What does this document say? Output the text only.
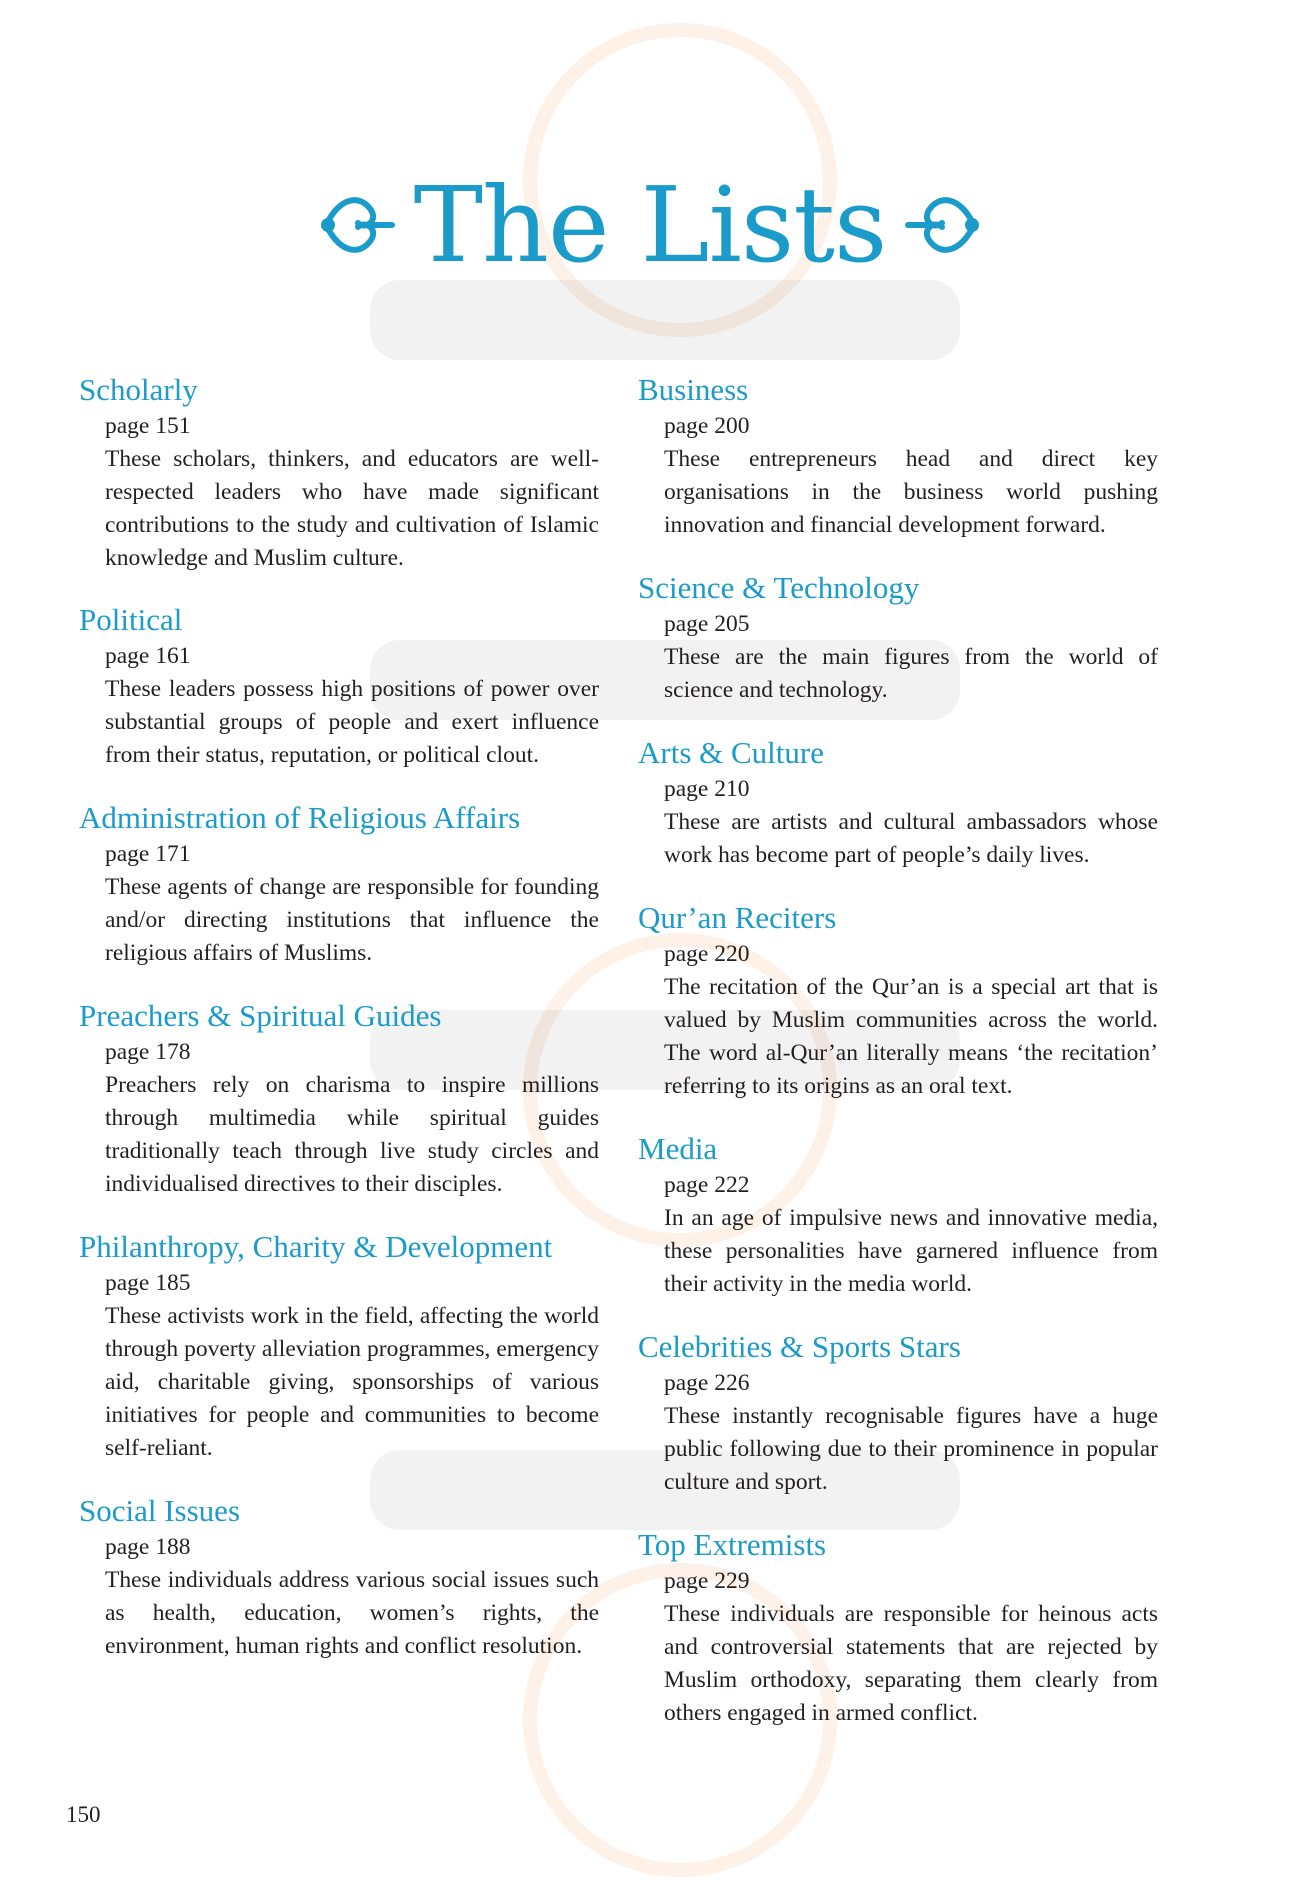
The Lists
Scholarly

page 151

These scholars, thinkers, and educators are well-respected leaders who have made significant contributions to the study and cultivation of Islamic knowledge and Muslim culture.

Political

page 161

These leaders possess high positions of power over substantial groups of people and exert influence from their status, reputation, or political clout.

Administration of Religious Affairs

page 171

These agents of change are responsible for founding and/or directing institutions that influence the religious affairs of Muslims.

Preachers & Spiritual Guides

page 178

Preachers rely on charisma to inspire millions through multimedia while spiritual guides traditionally teach through live study circles and individualised directives to their disciples.

Philanthropy, Charity & Development

page 185

These activists work in the field, affecting the world through poverty alleviation programmes, emergency aid, charitable giving, sponsorships of various initiatives for people and communities to become self-reliant.

Social Issues

page 188

These individuals address various social issues such as health, education, women’s rights, the environment, human rights and conflict resolution.

Business

page 200

These entrepreneurs head and direct key organisations in the business world pushing innovation and financial development forward.

Science & Technology

page 205

These are the main figures from the world of science and technology.

Arts & Culture

page 210

These are artists and cultural ambassadors whose work has become part of people’s daily lives.

Qur’an Reciters

page 220

The recitation of the Qur’an is a special art that is valued by Muslim communities across the world. The word al-Qur’an literally means ‘the recitation’ referring to its origins as an oral text.

Media

page 222

In an age of impulsive news and innovative media, these personalities have garnered influence from their activity in the media world.

Celebrities & Sports Stars

page 226

These instantly recognisable figures have a huge public following due to their prominence in popular culture and sport.

Top Extremists

page 229

These individuals are responsible for heinous acts and controversial statements that are rejected by Muslim orthodoxy, separating them clearly from others engaged in armed conflict.

150
